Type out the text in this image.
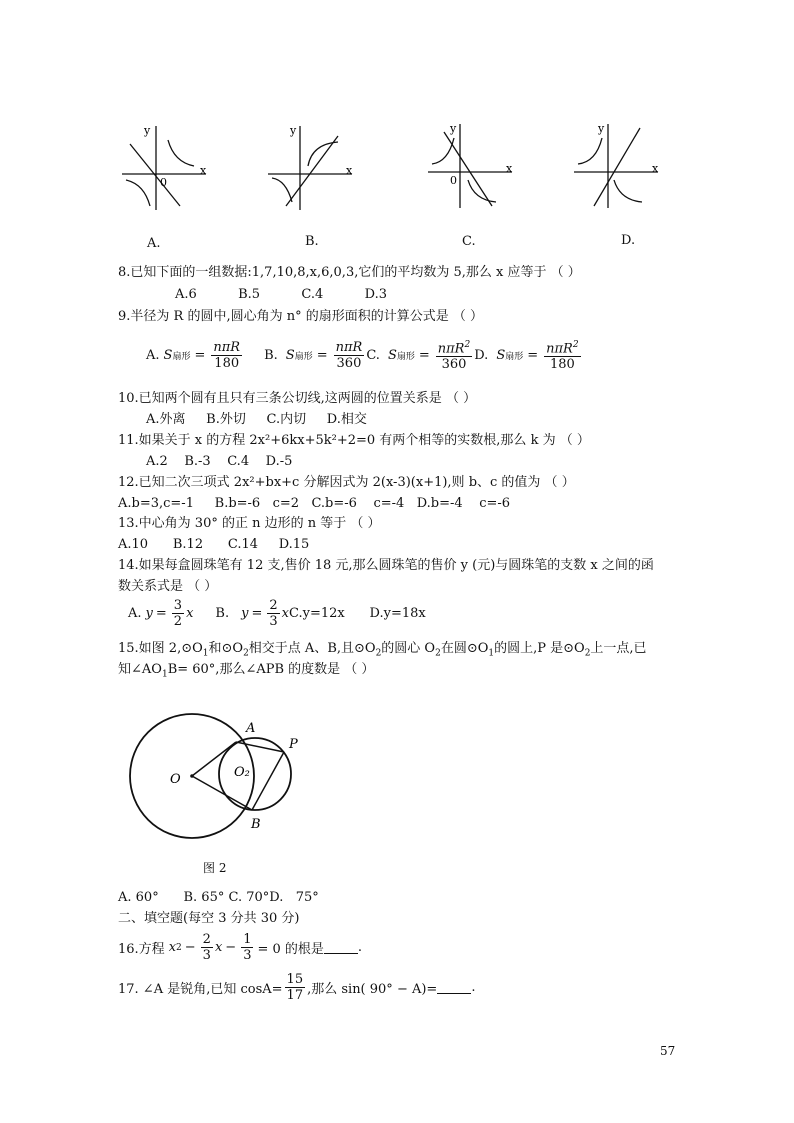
y
x
0
y
x
y
x
0
y
x
A.	B.	C.	D.
8.已知下面的一组数据:1,7,10,8,x,6,0,3,它们的平均数为 5,那么 x 应等于 （ ）
A.6          B.5          C.4          D.3
9.半径为 R 的圆中,圆心角为 n° 的扇形面积的计算公式是 （ ）
A. S 扇形 = $\frac{\text{nπR}}{180} B$. S 扇形 = $\frac{\text{nπR}}{360} C$. S 扇形 = $\frac{n\pi R^2}{360} D$. S 扇形 = $\frac{n\pi R^2}{180}$
10.已知两个圆有且只有三条公切线,这两圆的位置关系是 （ ）
A.外离     B.外切     C.内切     D.相交
11.如果关于 x 的方程 2x²+6kx+5k²+2=0 有两个相等的实数根,那么 k 为 （ ）
A.2    B.-3    C.4    D.-5
12.已知二次三项式 2x²+bx+c 分解因式为 2(x-3)(x+1),则 b、c 的值为 （ ）
A.b=3,c=-1     B.b=-6   c=2   C.b=-6    c=-4   D.b=-4    c=-6
13.中心角为 30° 的正 n 边形的 n 等于 （ ）
A.10      B.12      C.14     D.15
14.如果每盒圆珠笔有 12 支,售价 18 元,那么圆珠笔的售价 y (元)与圆珠笔的支数 x 之间的函
数关系式是 （ ）
A. $y = \frac{3}{2}$ x B. $y = \frac{2}{3}$ x C.y=12x      D.y=18x
15.如图 $2,⊙O_1$和$⊙O_2$相交于点 A、B,且$⊙O_2$的圆心 $O_2$在圆$⊙O_1$的圆上,P 是$⊙O_2$上一点,已
知$\angle AO_1B= 60^\circ$,那么∠APB 的度数是 （ ）
A
P
O	O₂
B
图 2
A. 60°      B. 65° C. 70°D.   75°
二、填空题(每空 3 分共 30 分)
16.方程 x $2 - \frac{2}{3}$ $x - \frac{1}{3} = 0$ 的根是	.
17. ∠A 是锐角,已知 $\cos A= \frac{15}{17}$ ,那么 sin( 90° − A)=	.
57
